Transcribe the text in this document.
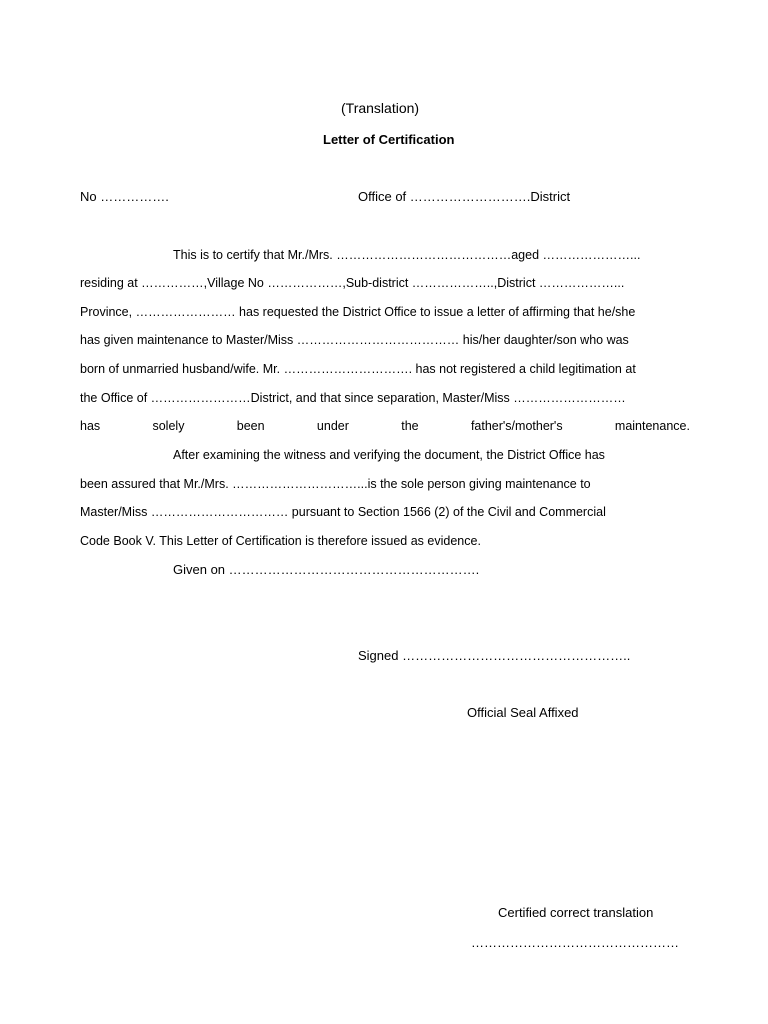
(Translation)
Letter of Certification
No …………….	Office of ……………………….District
This is to certify that Mr./Mrs. ……………………………………aged …………………...
residing at ……………,Village No ………………,Sub-district ………………..,District ………………...
Province, …………………… has requested the District Office to issue a letter of affirming that he/she
has given maintenance to Master/Miss ………………………………… his/her daughter/son who was
born of unmarried husband/wife. Mr. …………………………. has not registered a child legitimation at
the Office of ……………………District, and that since separation, Master/Miss ………………………
has	solely	been	under	the	father's/mother's	maintenance.
After examining the witness and verifying the document, the District Office has
been assured that Mr./Mrs. …………………………...is the sole person giving maintenance to
Master/Miss …………………………… pursuant to Section 1566 (2) of the Civil and Commercial
Code Book V. This Letter of Certification is therefore issued as evidence.
Given on ………………………………………………….
Signed ……………………………………………..
Official Seal Affixed
Certified correct translation
…………………………………………
